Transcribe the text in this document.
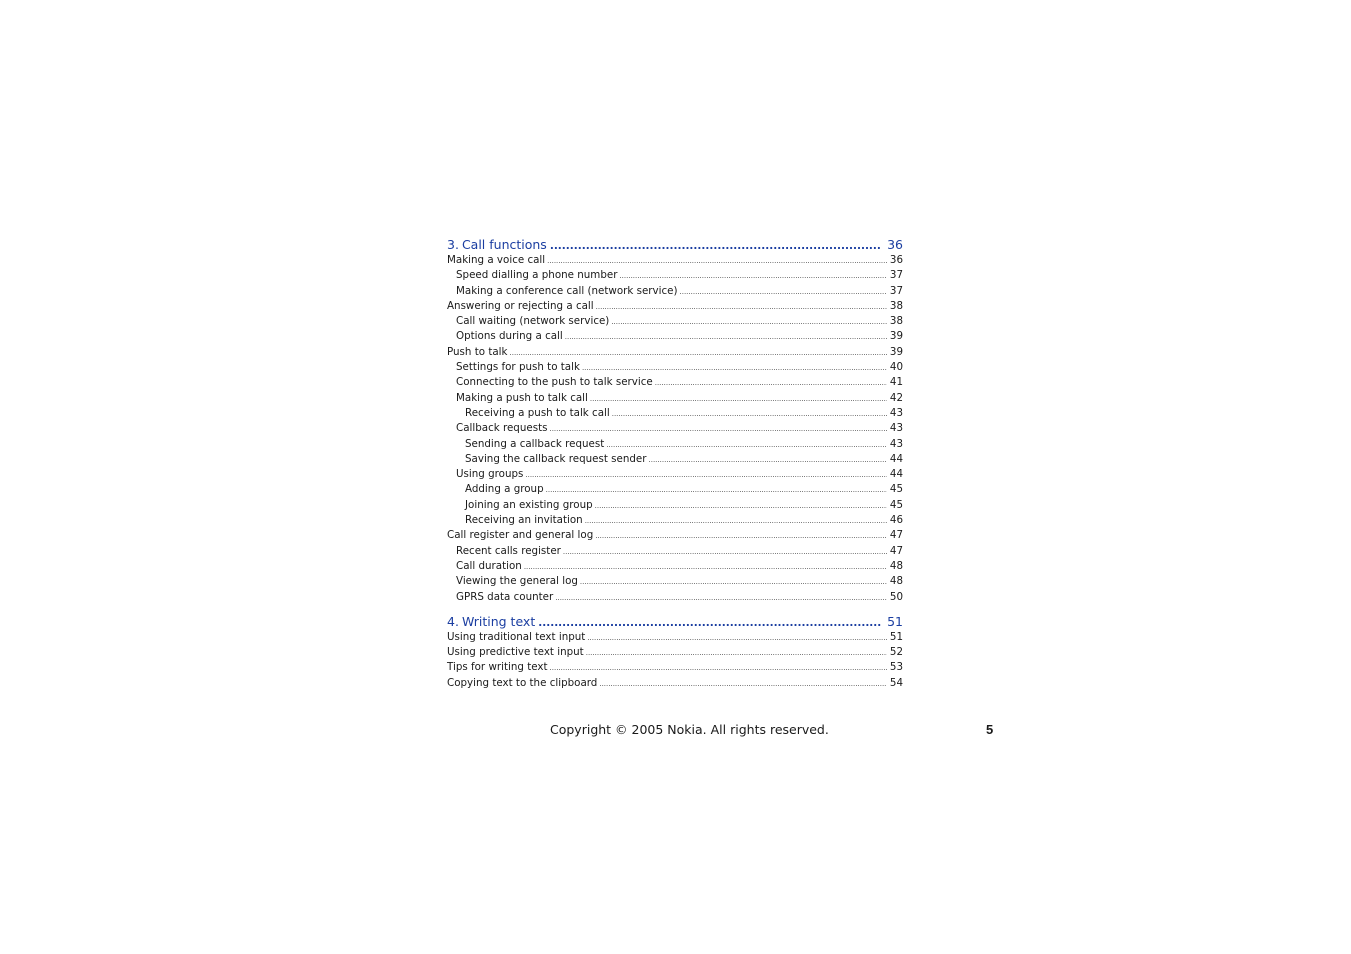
3. Call functions .....	36
Making a voice call .....	36
Speed dialling a phone number .....	37
Making a conference call (network service) .....	37
Answering or rejecting a call .....	38
Call waiting (network service) .....	38
Options during a call .....	39
Push to talk .....	39
Settings for push to talk .....	40
Connecting to the push to talk service .....	41
Making a push to talk call .....	42
Receiving a push to talk call .....	43
Callback requests .....	43
Sending a callback request .....	43
Saving the callback request sender .....	44
Using groups .....	44
Adding a group .....	45
Joining an existing group .....	45
Receiving an invitation .....	46
Call register and general log .....	47
Recent calls register .....	47
Call duration .....	48
Viewing the general log .....	48
GPRS data counter .....	50
4. Writing text .....	51
Using traditional text input .....	51
Using predictive text input .....	52
Tips for writing text .....	53
Copying text to the clipboard .....	54
Copyright © 2005 Nokia. All rights reserved.	5
